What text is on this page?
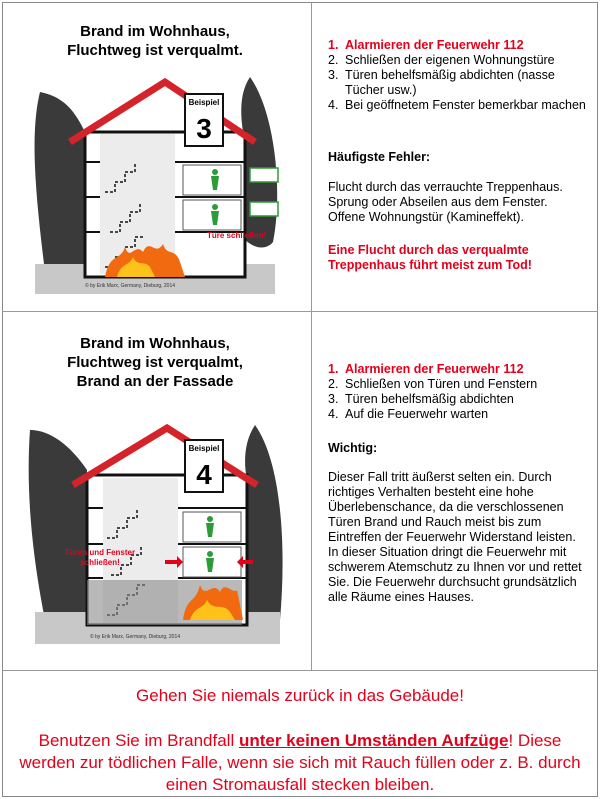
Brand im Wohnhaus,
Fluchtweg ist verqualmt.
Beispiel
3
Türe schließen!
© by Erik Marx, Germany, Dieburg, 2014
1. Alarmieren der Feuerwehr 112
2. Schließen der eigenen Wohnungstüre
3. Türen behelfsmäßig abdichten (nasse Tücher usw.)
4. Bei geöffnetem Fenster bemerkbar machen
Häufigste Fehler:
Flucht durch das verrauchte Treppenhaus. Sprung oder Abseilen aus dem Fenster. Offene Wohnungstür (Kamineffekt).
Eine Flucht durch das verqualmte Treppenhaus führt meist zum Tod!
Brand im Wohnhaus,
Fluchtweg ist verqualmt,
Brand an der Fassade
Beispiel
4
Türen und Fenster
schließen!
© by Erik Marx, Germany, Dieburg, 2014
1. Alarmieren der Feuerwehr 112
2. Schließen von Türen und Fenstern
3. Türen behelfsmäßig abdichten
4. Auf die Feuerwehr warten
Wichtig:
Dieser Fall tritt äußerst selten ein. Durch richtiges Verhalten besteht eine hohe Überlebenschance, da die verschlossenen Türen Brand und Rauch meist bis zum Eintreffen der Feuerwehr Widerstand leisten. In dieser Situation dringt die Feuerwehr mit schwerem Atemschutz zu Ihnen vor und rettet Sie. Die Feuerwehr durchsucht grundsätzlich alle Räume eines Hauses.
Gehen Sie niemals zurück in das Gebäude!
Benutzen Sie im Brandfall unter keinen Umständen Aufzüge! Diese werden zur tödlichen Falle, wenn sie sich mit Rauch füllen oder z. B. durch einen Stromausfall stecken bleiben.
